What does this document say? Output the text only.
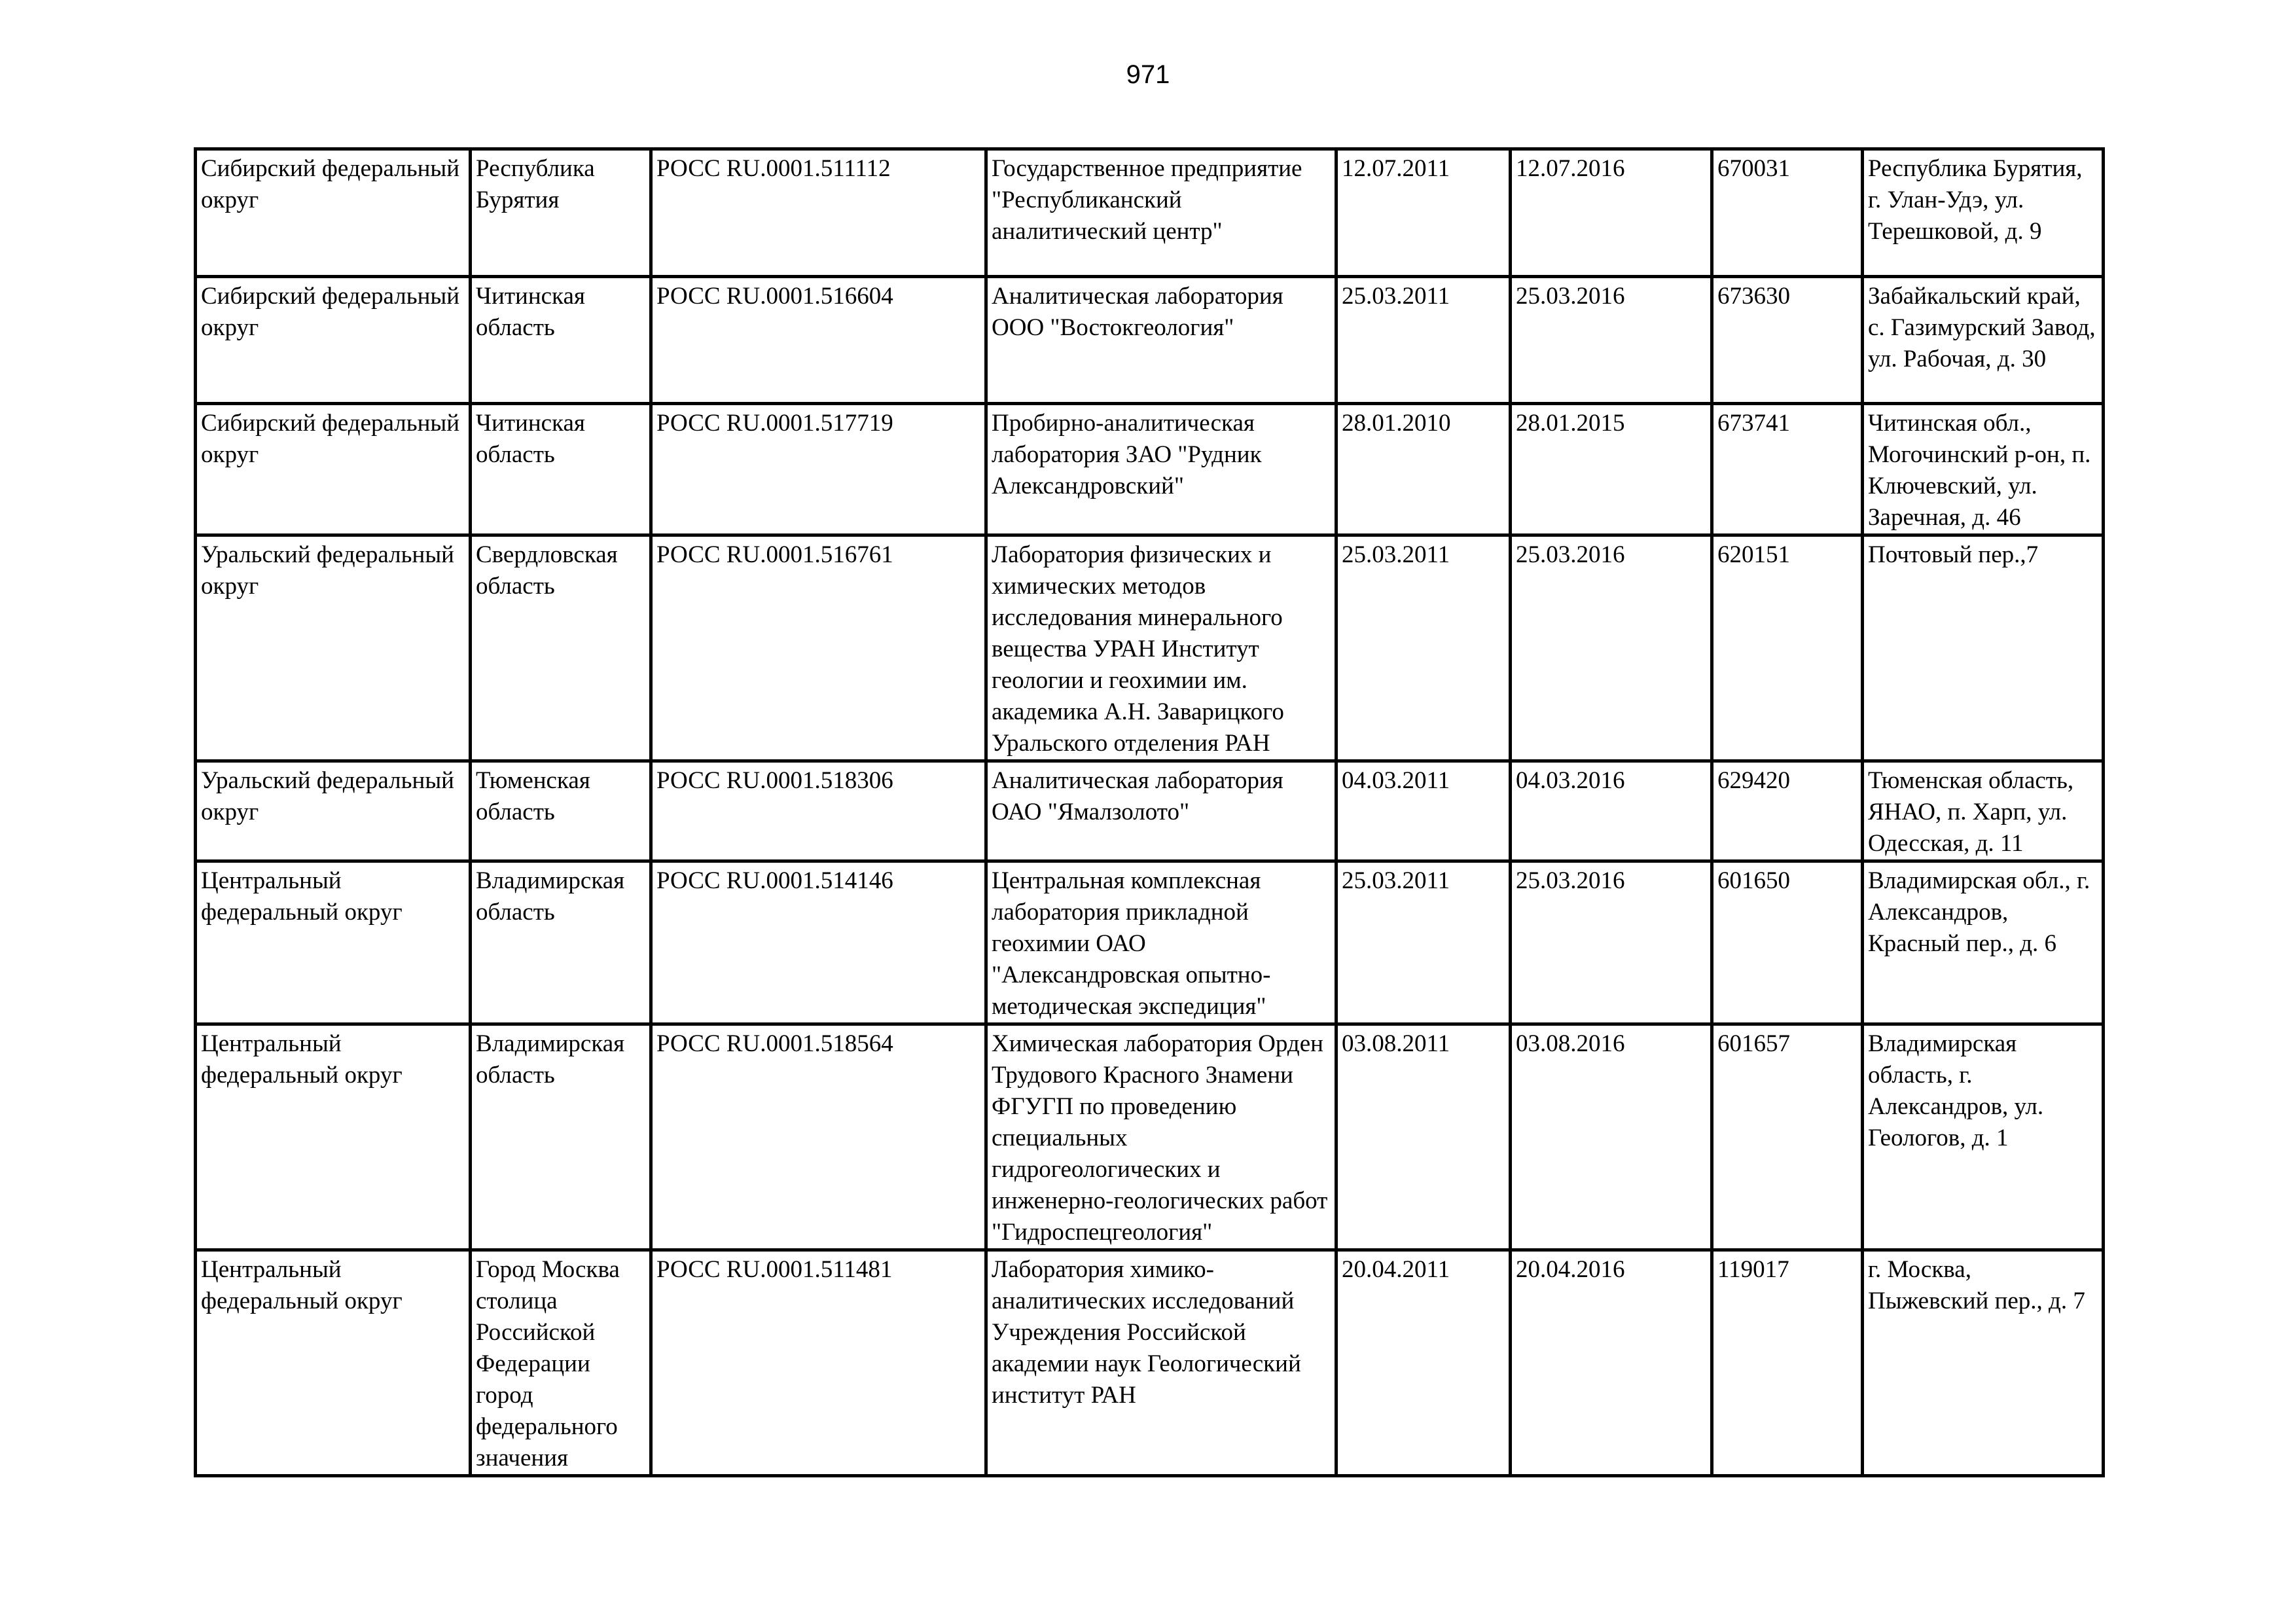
971
Сибирский федеральный округ	Республика Бурятия	РОСС RU.0001.511112	Государственное предприятие "Республиканский аналитический центр"	12.07.2011	12.07.2016	670031	Республика Бурятия, г. Улан-Удэ, ул. Терешковой, д. 9
Сибирский федеральный округ	Читинская область	РОСС RU.0001.516604	Аналитическая лаборатория ООО "Востокгеология"	25.03.2011	25.03.2016	673630	Забайкальский край, с. Газимурский Завод, ул. Рабочая, д. 30
Сибирский федеральный округ	Читинская область	РОСС RU.0001.517719	Пробирно-аналитическая лаборатория ЗАО "Рудник Александровский"	28.01.2010	28.01.2015	673741	Читинская обл., Могочинский р-он, п. Ключевский, ул. Заречная, д. 46
Уральский федеральный округ	Свердловская область	РОСС RU.0001.516761	Лаборатория физических и химических методов исследования минерального вещества УРАН Институт геологии и геохимии им. академика А.Н. Заварицкого Уральского отделения РАН	25.03.2011	25.03.2016	620151	Почтовый пер.,7
Уральский федеральный округ	Тюменская область	РОСС RU.0001.518306	Аналитическая лаборатория ОАО "Ямалзолото"	04.03.2011	04.03.2016	629420	Тюменская область, ЯНАО, п. Харп, ул. Одесская, д. 11
Центральный федеральный округ	Владимирская область	РОСС RU.0001.514146	Центральная комплексная лаборатория прикладной геохимии ОАО "Александровская опытно-методическая экспедиция"	25.03.2011	25.03.2016	601650	Владимирская обл., г. Александров, Красный пер., д. 6
Центральный федеральный округ	Владимирская область	РОСС RU.0001.518564	Химическая лаборатория Орден Трудового Красного Знамени ФГУГП по проведению специальных гидрогеологических и инженерно-геологических работ "Гидроспецгеология"	03.08.2011	03.08.2016	601657	Владимирская область, г. Александров, ул. Геологов, д. 1
Центральный федеральный округ	Город Москва столица Российской Федерации город федерального значения	РОСС RU.0001.511481	Лаборатория химико-аналитических исследований Учреждения Российской академии наук Геологический институт РАН	20.04.2011	20.04.2016	119017	г. Москва, Пыжевский пер., д. 7
